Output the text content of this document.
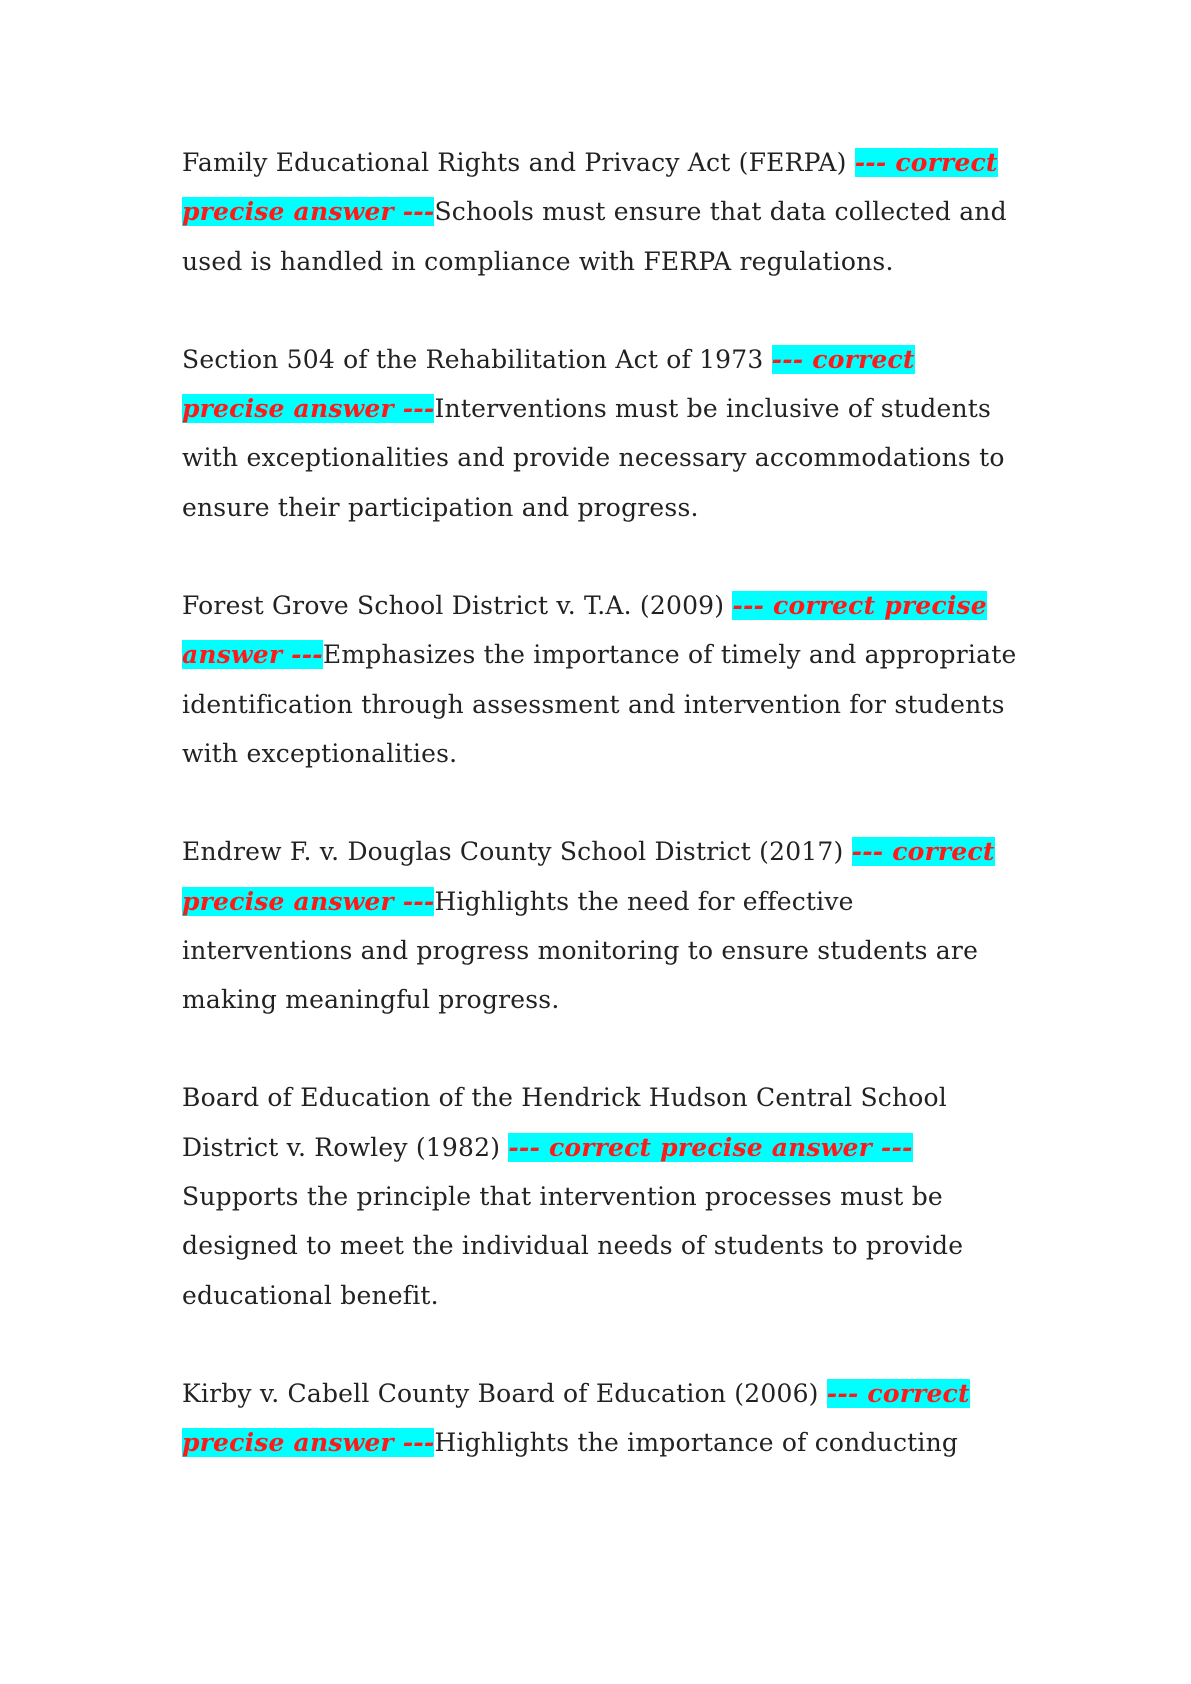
Family Educational Rights and Privacy Act (FERPA) --- correct precise answer ---Schools must ensure that data collected and used is handled in compliance with FERPA regulations.

Section 504 of the Rehabilitation Act of 1973 --- correct precise answer ---Interventions must be inclusive of students with exceptionalities and provide necessary accommodations to ensure their participation and progress.

Forest Grove School District v. T.A. (2009) --- correct precise answer ---Emphasizes the importance of timely and appropriate identification through assessment and intervention for students with exceptionalities.

Endrew F. v. Douglas County School District (2017) --- correct precise answer ---Highlights the need for effective interventions and progress monitoring to ensure students are making meaningful progress.

Board of Education of the Hendrick Hudson Central School District v. Rowley (1982) --- correct precise answer ---Supports the principle that intervention processes must be designed to meet the individual needs of students to provide educational benefit.

Kirby v. Cabell County Board of Education (2006) --- correct precise answer ---Highlights the importance of conducting
